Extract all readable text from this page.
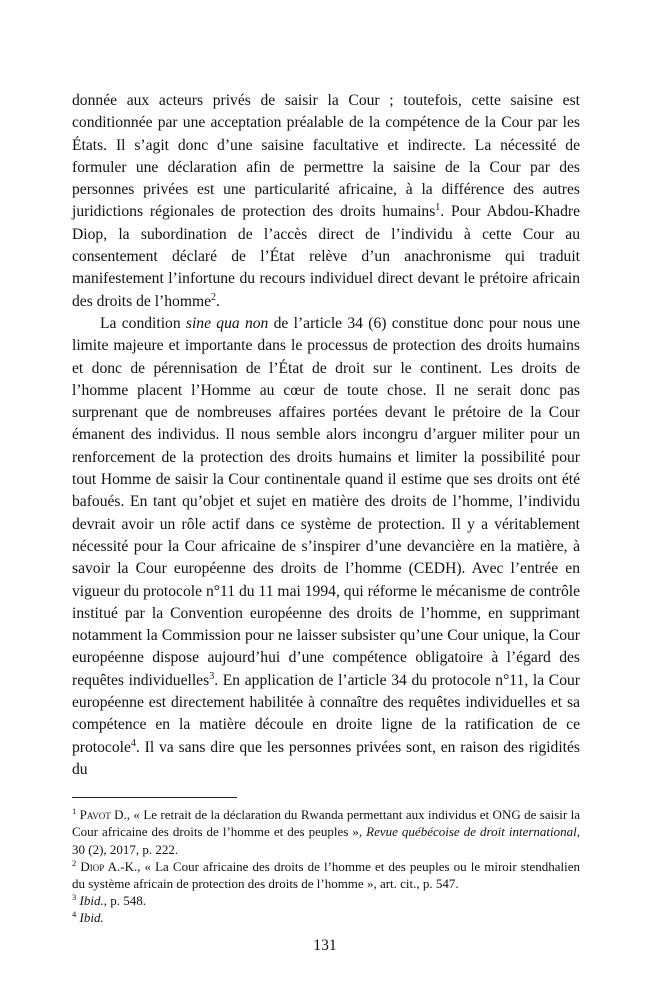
donnée aux acteurs privés de saisir la Cour ; toutefois, cette saisine est conditionnée par une acceptation préalable de la compétence de la Cour par les États. Il s’agit donc d’une saisine facultative et indirecte. La nécessité de formuler une déclaration afin de permettre la saisine de la Cour par des personnes privées est une particularité africaine, à la différence des autres juridictions régionales de protection des droits humains$^1$. Pour Abdou-Khadre Diop, la subordination de l’accès direct de l’individu à cette Cour au consentement déclaré de l’État relève d’un anachronisme qui traduit manifestement l’infortune du recours individuel direct devant le prétoire africain des droits de l’homme$^2$.

La condition sine qua non de l’article 34 (6) constitue donc pour nous une limite majeure et importante dans le processus de protection des droits humains et donc de pérennisation de l’État de droit sur le continent. Les droits de l’homme placent l’Homme au cœur de toute chose. Il ne serait donc pas surprenant que de nombreuses affaires portées devant le prétoire de la Cour émanent des individus. Il nous semble alors incongru d’arguer militer pour un renforcement de la protection des droits humains et limiter la possibilité pour tout Homme de saisir la Cour continentale quand il estime que ses droits ont été bafoués. En tant qu’objet et sujet en matière des droits de l’homme, l’individu devrait avoir un rôle actif dans ce système de protection. Il y a véritablement nécessité pour la Cour africaine de s’inspirer d’une devancière en la matière, à savoir la Cour européenne des droits de l’homme (CEDH). Avec l’entrée en vigueur du protocole n°11 du 11 mai 1994, qui réforme le mécanisme de contrôle institué par la Convention européenne des droits de l’homme, en supprimant notamment la Commission pour ne laisser subsister qu’une Cour unique, la Cour européenne dispose aujourd’hui d’une compétence obligatoire à l’égard des requêtes individuelles$^3$. En application de l’article 34 du protocole n°11, la Cour européenne est directement habilitée à connaître des requêtes individuelles et sa compétence en la matière découle en droite ligne de la ratification de ce protocole$^4$. Il va sans dire que les personnes privées sont, en raison des rigidités du

$^1$ Pavot D., « Le retrait de la déclaration du Rwanda permettant aux individus et ONG de saisir la Cour africaine des droits de l’homme et des peuples », Revue québécoise de droit international, 30 (2), 2017, p. 222.

$^2$ Diop A.-K., « La Cour africaine des droits de l’homme et des peuples ou le miroir stendhalien du système africain de protection des droits de l’homme », art. cit., p. 547.

$^3$ Ibid., p. 548.

$^4$ Ibid.

131
